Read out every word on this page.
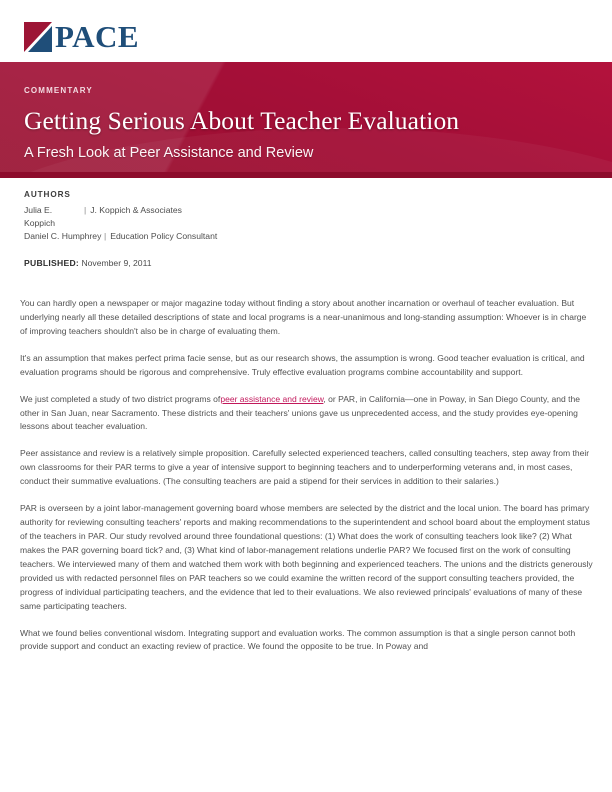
PACE
COMMENTARY
Getting Serious About Teacher Evaluation
A Fresh Look at Peer Assistance and Review
AUTHORS
Julia E. Koppich
| J. Koppich & Associates
Daniel C. Humphrey | Education Policy Consultant
PUBLISHED: November 9, 2011

You can hardly open a newspaper or major magazine today without finding a story about another incarnation or overhaul of teacher evaluation. But underlying nearly all these detailed descriptions of state and local programs is a near-unanimous and long-standing assumption: Whoever is in charge of improving teachers shouldn't also be in charge of evaluating them.

It's an assumption that makes perfect prima facie sense, but as our research shows, the assumption is wrong. Good teacher evaluation is critical, and evaluation programs should be rigorous and comprehensive. Truly effective evaluation programs combine accountability and support.

We just completed a study of two district programs ofpeer assistance and review, or PAR, in California—one in Poway, in San Diego County, and the other in San Juan, near Sacramento. These districts and their teachers' unions gave us unprecedented access, and the study provides eye-opening lessons about teacher evaluation.

Peer assistance and review is a relatively simple proposition. Carefully selected experienced teachers, called consulting teachers, step away from their own classrooms for their PAR terms to give a year of intensive support to beginning teachers and to underperforming veterans and, in most cases, conduct their summative evaluations. (The consulting teachers are paid a stipend for their services in addition to their salaries.)

PAR is overseen by a joint labor-management governing board whose members are selected by the district and the local union. The board has primary authority for reviewing consulting teachers' reports and making recommendations to the superintendent and school board about the employment status of the teachers in PAR. Our study revolved around three foundational questions: (1) What does the work of consulting teachers look like? (2) What makes the PAR governing board tick? and, (3) What kind of labor-management relations underlie PAR? We focused first on the work of consulting teachers. We interviewed many of them and watched them work with both beginning and experienced teachers. The unions and the districts generously provided us with redacted personnel files on PAR teachers so we could examine the written record of the support consulting teachers provided, the progress of individual participating teachers, and the evidence that led to their evaluations. We also reviewed principals' evaluations of many of these same participating teachers.

What we found belies conventional wisdom. Integrating support and evaluation works. The common assumption is that a single person cannot both provide support and conduct an exacting review of practice. We found the opposite to be true. In Poway and
